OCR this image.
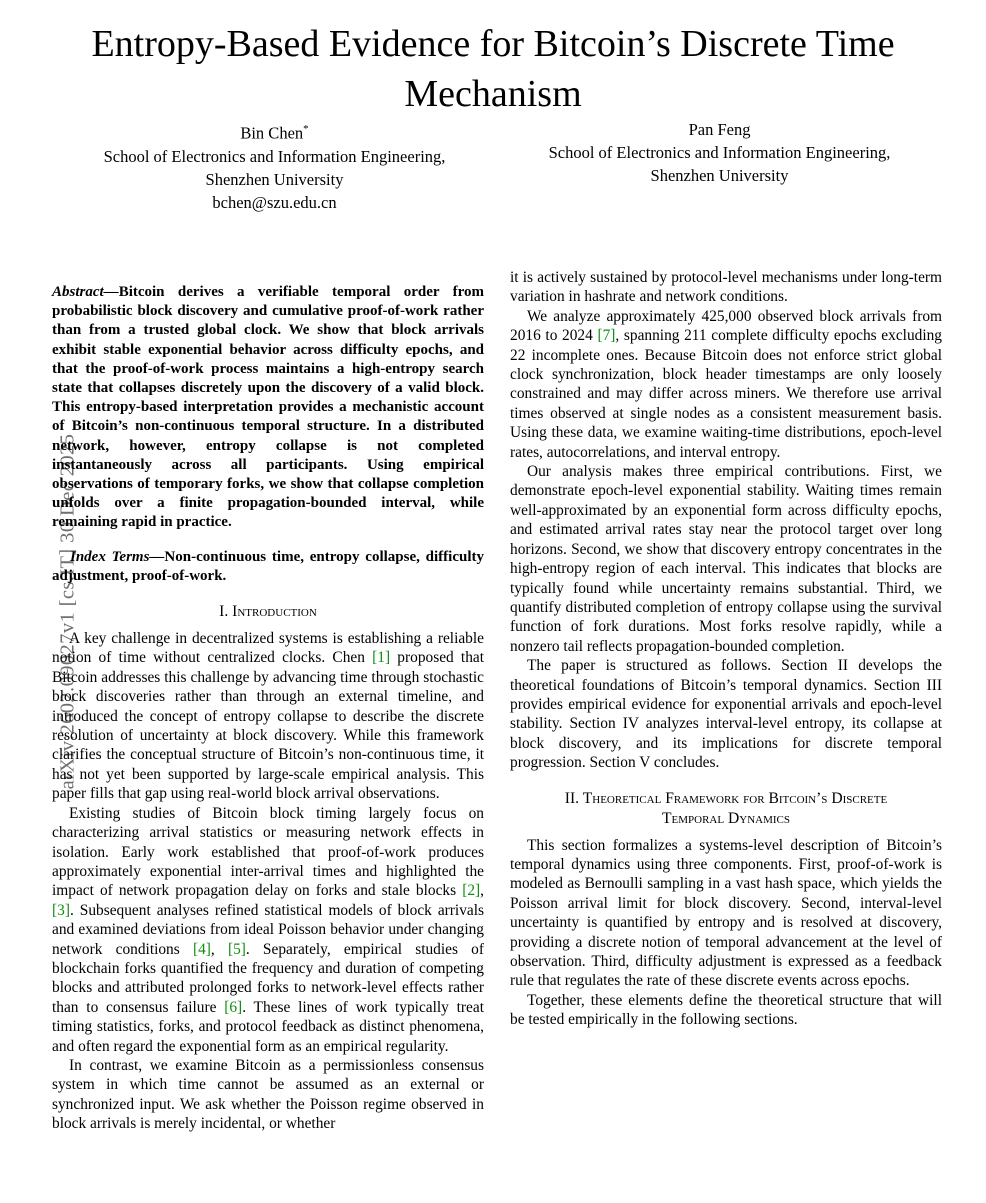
arXiv:2602.09027v1 [cs.IT] 30 Dec 2025
Entropy-Based Evidence for Bitcoin’s Discrete Time Mechanism
Bin Chen*
School of Electronics and Information Engineering,
Shenzhen University
bchen@szu.edu.cn
Pan Feng
School of Electronics and Information Engineering,
Shenzhen University

Abstract—Bitcoin derives a verifiable temporal order from probabilistic block discovery and cumulative proof-of-work rather than from a trusted global clock. We show that block arrivals exhibit stable exponential behavior across difficulty epochs, and that the proof-of-work process maintains a high-entropy search state that collapses discretely upon the discovery of a valid block. This entropy-based interpretation provides a mechanistic account of Bitcoin’s non-continuous temporal structure. In a distributed network, however, entropy collapse is not completed instantaneously across all participants. Using empirical observations of temporary forks, we show that collapse completion unfolds over a finite propagation-bounded interval, while remaining rapid in practice.

Index Terms—Non-continuous time, entropy collapse, difficulty adjustment, proof-of-work.

I. Introduction

A key challenge in decentralized systems is establishing a reliable notion of time without centralized clocks. Chen [1] proposed that Bitcoin addresses this challenge by advancing time through stochastic block discoveries rather than through an external timeline, and introduced the concept of entropy collapse to describe the discrete resolution of uncertainty at block discovery. While this framework clarifies the conceptual structure of Bitcoin’s non-continuous time, it has not yet been supported by large-scale empirical analysis. This paper fills that gap using real-world block arrival observations.

Existing studies of Bitcoin block timing largely focus on characterizing arrival statistics or measuring network effects in isolation. Early work established that proof-of-work produces approximately exponential inter-arrival times and highlighted the impact of network propagation delay on forks and stale blocks [2], [3]. Subsequent analyses refined statistical models of block arrivals and examined deviations from ideal Poisson behavior under changing network conditions [4], [5]. Separately, empirical studies of blockchain forks quantified the frequency and duration of competing blocks and attributed prolonged forks to network-level effects rather than to consensus failure [6]. These lines of work typically treat timing statistics, forks, and protocol feedback as distinct phenomena, and often regard the exponential form as an empirical regularity.

In contrast, we examine Bitcoin as a permissionless consensus system in which time cannot be assumed as an external or synchronized input. We ask whether the Poisson regime observed in block arrivals is merely incidental, or whether

it is actively sustained by protocol-level mechanisms under long-term variation in hashrate and network conditions.

We analyze approximately 425,000 observed block arrivals from 2016 to 2024 [7], spanning 211 complete difficulty epochs excluding 22 incomplete ones. Because Bitcoin does not enforce strict global clock synchronization, block header timestamps are only loosely constrained and may differ across miners. We therefore use arrival times observed at single nodes as a consistent measurement basis. Using these data, we examine waiting-time distributions, epoch-level rates, autocorrelations, and interval entropy.

Our analysis makes three empirical contributions. First, we demonstrate epoch-level exponential stability. Waiting times remain well-approximated by an exponential form across difficulty epochs, and estimated arrival rates stay near the protocol target over long horizons. Second, we show that discovery entropy concentrates in the high-entropy region of each interval. This indicates that blocks are typically found while uncertainty remains substantial. Third, we quantify distributed completion of entropy collapse using the survival function of fork durations. Most forks resolve rapidly, while a nonzero tail reflects propagation-bounded completion.

The paper is structured as follows. Section II develops the theoretical foundations of Bitcoin’s temporal dynamics. Section III provides empirical evidence for exponential arrivals and epoch-level stability. Section IV analyzes interval-level entropy, its collapse at block discovery, and its implications for discrete temporal progression. Section V concludes.

II. Theoretical Framework for Bitcoin’s Discrete
Temporal Dynamics

This section formalizes a systems-level description of Bitcoin’s temporal dynamics using three components. First, proof-of-work is modeled as Bernoulli sampling in a vast hash space, which yields the Poisson arrival limit for block discovery. Second, interval-level uncertainty is quantified by entropy and is resolved at discovery, providing a discrete notion of temporal advancement at the level of observation. Third, difficulty adjustment is expressed as a feedback rule that regulates the rate of these discrete events across epochs.

Together, these elements define the theoretical structure that will be tested empirically in the following sections.
